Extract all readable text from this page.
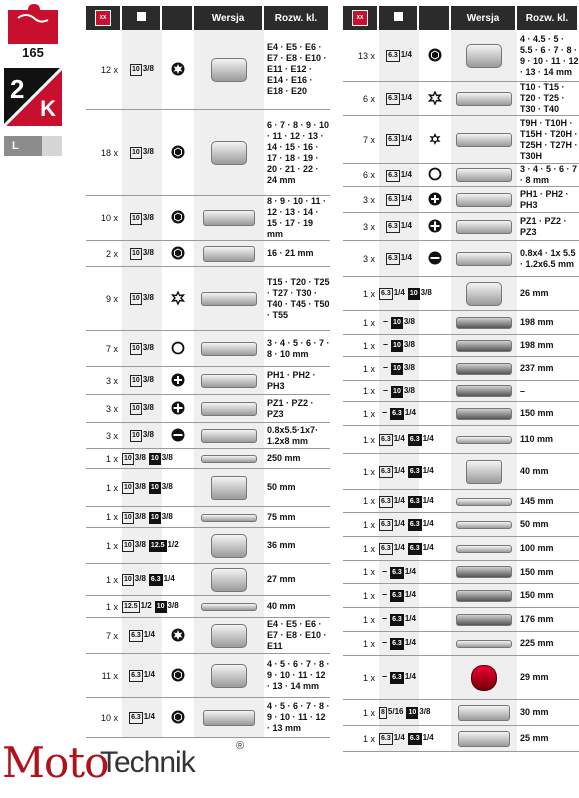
165
2
K
L
XX			Wersja	Rozw. kl.
12 x	10 3/8			E4 · E5 · E6 · E7 · E8 · E10 · E11 · E12 · E14 · E16 · E18 · E20
18 x	10 3/8			6 · 7 · 8 · 9 · 10 · 11 · 12 · 13 · 14 · 15 · 16 · 17 · 18 · 19 · 20 · 21 · 22 · 24 mm
10 x	10 3/8			8 · 9 · 10 · 11 · 12 · 13 · 14 · 15 · 17 · 19 mm
2 x	10 3/8			16 · 21 mm
9 x	10 3/8			T15 · T20 · T25 · T27 · T30 · T40 · T45 · T50 · T55
7 x	10 3/8			3 · 4 · 5 · 6 · 7 · 8 · 10 mm
3 x	10 3/8			PH1 · PH2 · PH3
3 x	10 3/8			PZ1 · PZ2 · PZ3
3 x	10 3/8			0.8x5.5·1x7· 1.2x8 mm
1 x	10 3/8 10 3/8			250 mm
1 x	10 3/8 10 3/8			50 mm
1 x	10 3/8 10 3/8			75 mm
1 x	10 3/8 12.5 1/2			36 mm
1 x	10 3/8 6.3 1/4			27 mm
1 x	12.5 1/2 10 3/8			40 mm
7 x	6.3 1/4			E4 · E5 · E6 · E7 · E8 · E10 · E11
11 x	6.3 1/4			4 · 5 · 6 · 7 · 8 · 9 · 10 · 11 · 12 · 13 · 14 mm
10 x	6.3 1/4			4 · 5 · 6 · 7 · 8 · 9 · 10 · 11 · 12 · 13 mm
XX			Wersja	Rozw. kl.
13 x	6.3 1/4			4 · 4.5 · 5 · 5.5 · 6 · 7 · 8 · 9 · 10 · 11 · 12 · 13 · 14 mm
6 x	6.3 1/4			T10 · T15 · T20 · T25 · T30 · T40
7 x	6.3 1/4			T9H · T10H · T15H · T20H · T25H · T27H · T30H
6 x	6.3 1/4			3 · 4 · 5 · 6 · 7 · 8 mm
3 x	6.3 1/4			PH1 · PH2 · PH3
3 x	6.3 1/4			PZ1 · PZ2 · PZ3
3 x	6.3 1/4			0.8x4 · 1x 5.5 · 1.2x6.5 mm
1 x	6.3 1/4 10 3/8			26 mm
1 x	– 10 3/8			198 mm
1 x	– 10 3/8			198 mm
1 x	– 10 3/8			237 mm
1 x	– 10 3/8			–
1 x	– 6.3 1/4			150 mm
1 x	6.3 1/4 6.3 1/4			110 mm
1 x	6.3 1/4 6.3 1/4			40 mm
1 x	6.3 1/4 6.3 1/4			145 mm
1 x	6.3 1/4 6.3 1/4			50 mm
1 x	6.3 1/4 6.3 1/4			100 mm
1 x	– 6.3 1/4			150 mm
1 x	– 6.3 1/4			150 mm
1 x	– 6.3 1/4			176 mm
1 x	– 6.3 1/4			225 mm
1 x	– 6.3 1/4			29 mm
1 x	8 5/16 10 3/8			30 mm
1 x	6.3 1/4 6.3 1/4			25 mm
Moto
Technik	®
